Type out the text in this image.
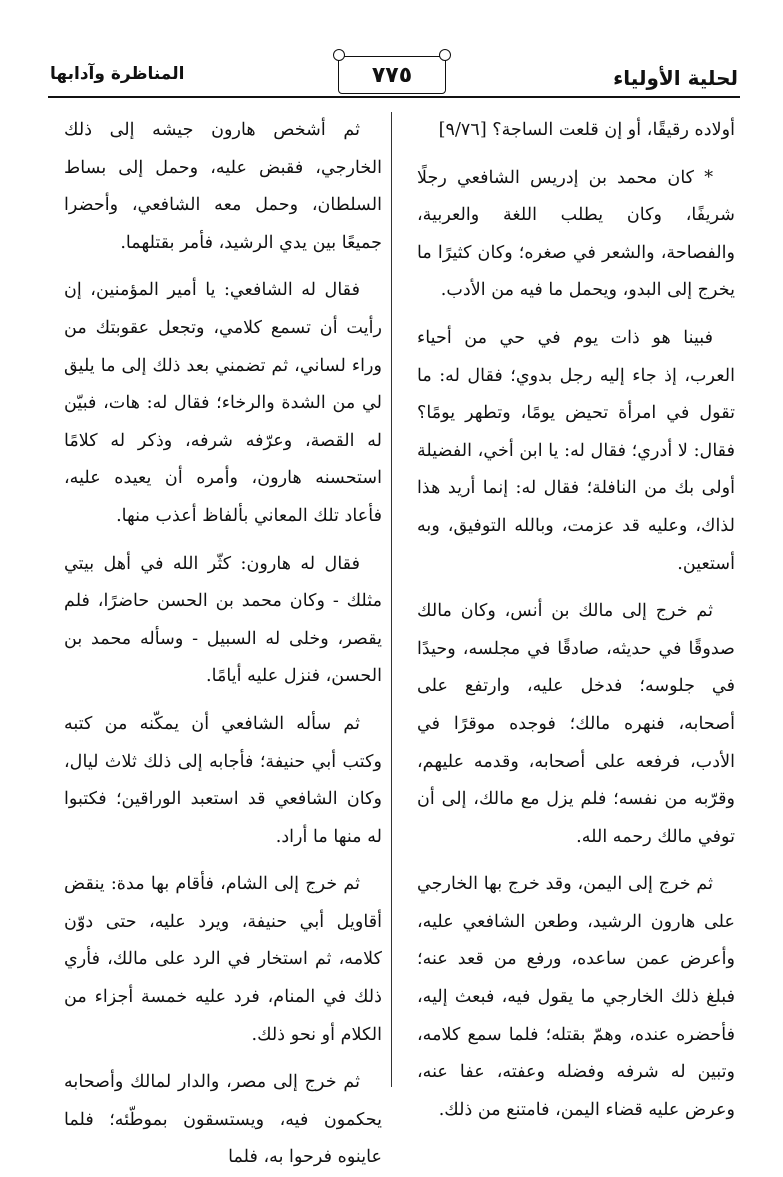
لحلية الأولياء
٧٧٥
المناظرة وآدابها

أولاده رقيقًا، أو إن قلعت الساجة؟ [٩/٧٦]

* كان محمد بن إدريس الشافعي رجلًا شريفًا، وكان يطلب اللغة والعربية، والفصاحة، والشعر في صغره؛ وكان كثيرًا ما يخرج إلى البدو، ويحمل ما فيه من الأدب.

فبينا هو ذات يوم في حي من أحياء العرب، إذ جاء إليه رجل بدوي؛ فقال له: ما تقول في امرأة تحيض يومًا، وتطهر يومًا؟ فقال: لا أدري؛ فقال له: يا ابن أخي، الفضيلة أولى بك من النافلة؛ فقال له: إنما أريد هذا لذاك، وعليه قد عزمت، وبالله التوفيق، وبه أستعين.

ثم خرج إلى مالك بن أنس، وكان مالك صدوقًا في حديثه، صادقًا في مجلسه، وحيدًا في جلوسه؛ فدخل عليه، وارتفع على أصحابه، فنهره مالك؛ فوجده موقرًا في الأدب، فرفعه على أصحابه، وقدمه عليهم، وقرّبه من نفسه؛ فلم يزل مع مالك، إلى أن توفي مالك رحمه الله.

ثم خرج إلى اليمن، وقد خرج بها الخارجي على هارون الرشيد، وطعن الشافعي عليه، وأعرض عمن ساعده، ورفع من قعد عنه؛ فبلغ ذلك الخارجي ما يقول فيه، فبعث إليه، فأحضره عنده، وهمّ بقتله؛ فلما سمع كلامه، وتبين له شرفه وفضله وعفته، عفا عنه، وعرض عليه قضاء اليمن، فامتنع من ذلك.

ثم أشخص هارون جيشه إلى ذلك الخارجي، فقبض عليه، وحمل إلى بساط السلطان، وحمل معه الشافعي، وأحضرا جميعًا بين يدي الرشيد، فأمر بقتلهما.

فقال له الشافعي: يا أمير المؤمنين، إن رأيت أن تسمع كلامي، وتجعل عقوبتك من وراء لساني، ثم تضمني بعد ذلك إلى ما يليق لي من الشدة والرخاء؛ فقال له: هات، فبيّن له القصة، وعرّفه شرفه، وذكر له كلامًا استحسنه هارون، وأمره أن يعيده عليه، فأعاد تلك المعاني بألفاظ أعذب منها.

فقال له هارون: كثّر الله في أهل بيتي مثلك - وكان محمد بن الحسن حاضرًا، فلم يقصر، وخلى له السبيل - وسأله محمد بن الحسن، فنزل عليه أيامًا.

ثم سأله الشافعي أن يمكّنه من كتبه وكتب أبي حنيفة؛ فأجابه إلى ذلك ثلاث ليال، وكان الشافعي قد استعبد الوراقين؛ فكتبوا له منها ما أراد.

ثم خرج إلى الشام، فأقام بها مدة: ينقض أقاويل أبي حنيفة، ويرد عليه، حتى دوّن كلامه، ثم استخار في الرد على مالك، فأري ذلك في المنام، فرد عليه خمسة أجزاء من الكلام أو نحو ذلك.

ثم خرج إلى مصر، والدار لمالك وأصحابه يحكمون فيه، ويستسقون بموطّئه؛ فلما عاينوه فرحوا به، فلما
